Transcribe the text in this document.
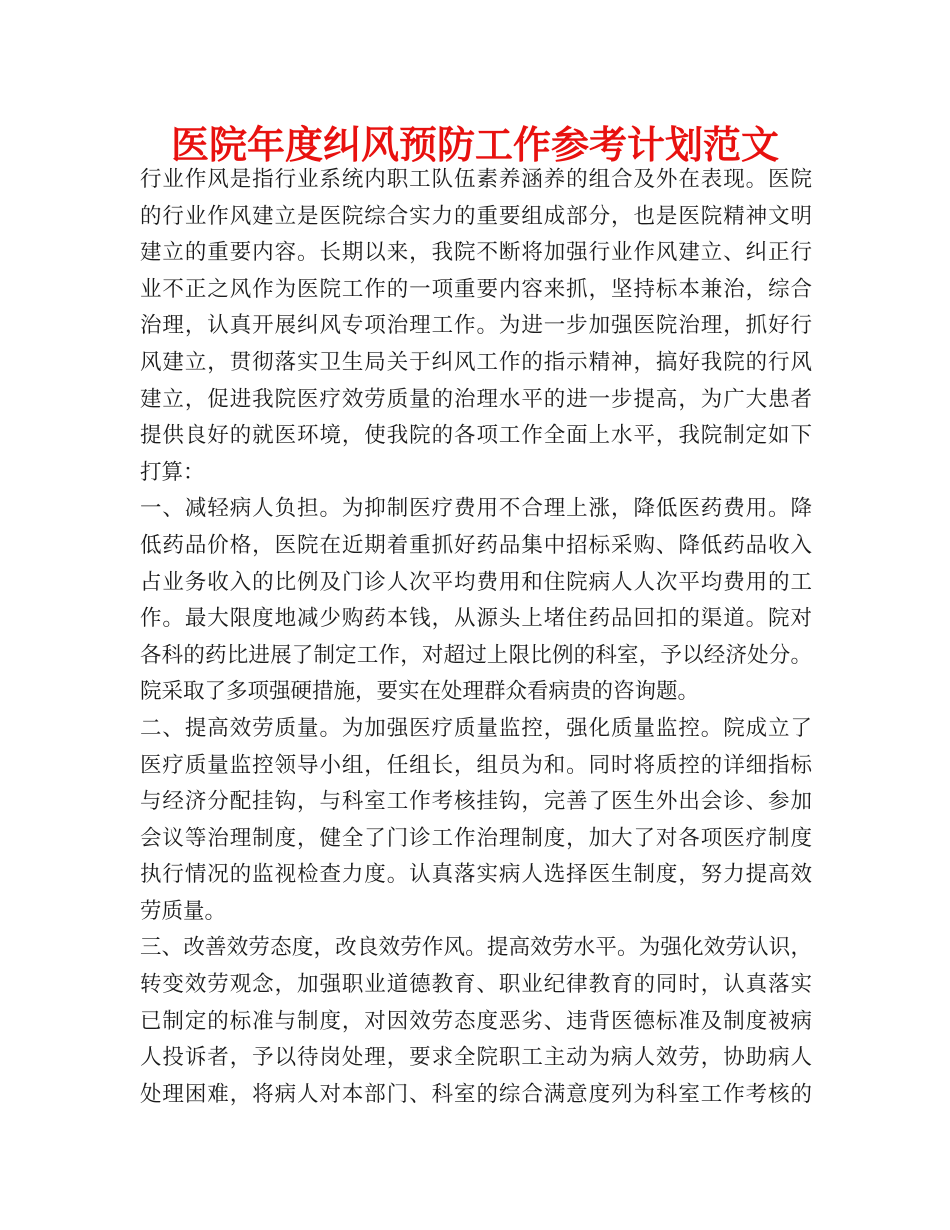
医院年度纠风预防工作参考计划范文

行业作风是指行业系统内职工队伍素养涵养的组合及外在表现。医院

的行业作风建立是医院综合实力的重要组成部分，也是医院精神文明

建立的重要内容。长期以来，我院不断将加强行业作风建立、纠正行

业不正之风作为医院工作的一项重要内容来抓，坚持标本兼治，综合

治理，认真开展纠风专项治理工作。为进一步加强医院治理，抓好行

风建立，贯彻落实卫生局关于纠风工作的指示精神，搞好我院的行风

建立，促进我院医疗效劳质量的治理水平的进一步提高，为广大患者

提供良好的就医环境，使我院的各项工作全面上水平，我院制定如下

打算：

一、减轻病人负担。为抑制医疗费用不合理上涨，降低医药费用。降

低药品价格，医院在近期着重抓好药品集中招标采购、降低药品收入

占业务收入的比例及门诊人次平均费用和住院病人人次平均费用的工

作。最大限度地减少购药本钱，从源头上堵住药品回扣的渠道。院对

各科的药比进展了制定工作，对超过上限比例的科室，予以经济处分。

院采取了多项强硬措施，要实在处理群众看病贵的咨询题。

二、提高效劳质量。为加强医疗质量监控，强化质量监控。院成立了

医疗质量监控领导小组，任组长，组员为和。同时将质控的详细指标

与经济分配挂钩，与科室工作考核挂钩，完善了医生外出会诊、参加

会议等治理制度，健全了门诊工作治理制度，加大了对各项医疗制度

执行情况的监视检查力度。认真落实病人选择医生制度，努力提高效

劳质量。

三、改善效劳态度，改良效劳作风。提高效劳水平。为强化效劳认识，

转变效劳观念，加强职业道德教育、职业纪律教育的同时，认真落实

已制定的标准与制度，对因效劳态度恶劣、违背医德标准及制度被病

人投诉者，予以待岗处理，要求全院职工主动为病人效劳，协助病人

处理困难，将病人对本部门、科室的综合满意度列为科室工作考核的
